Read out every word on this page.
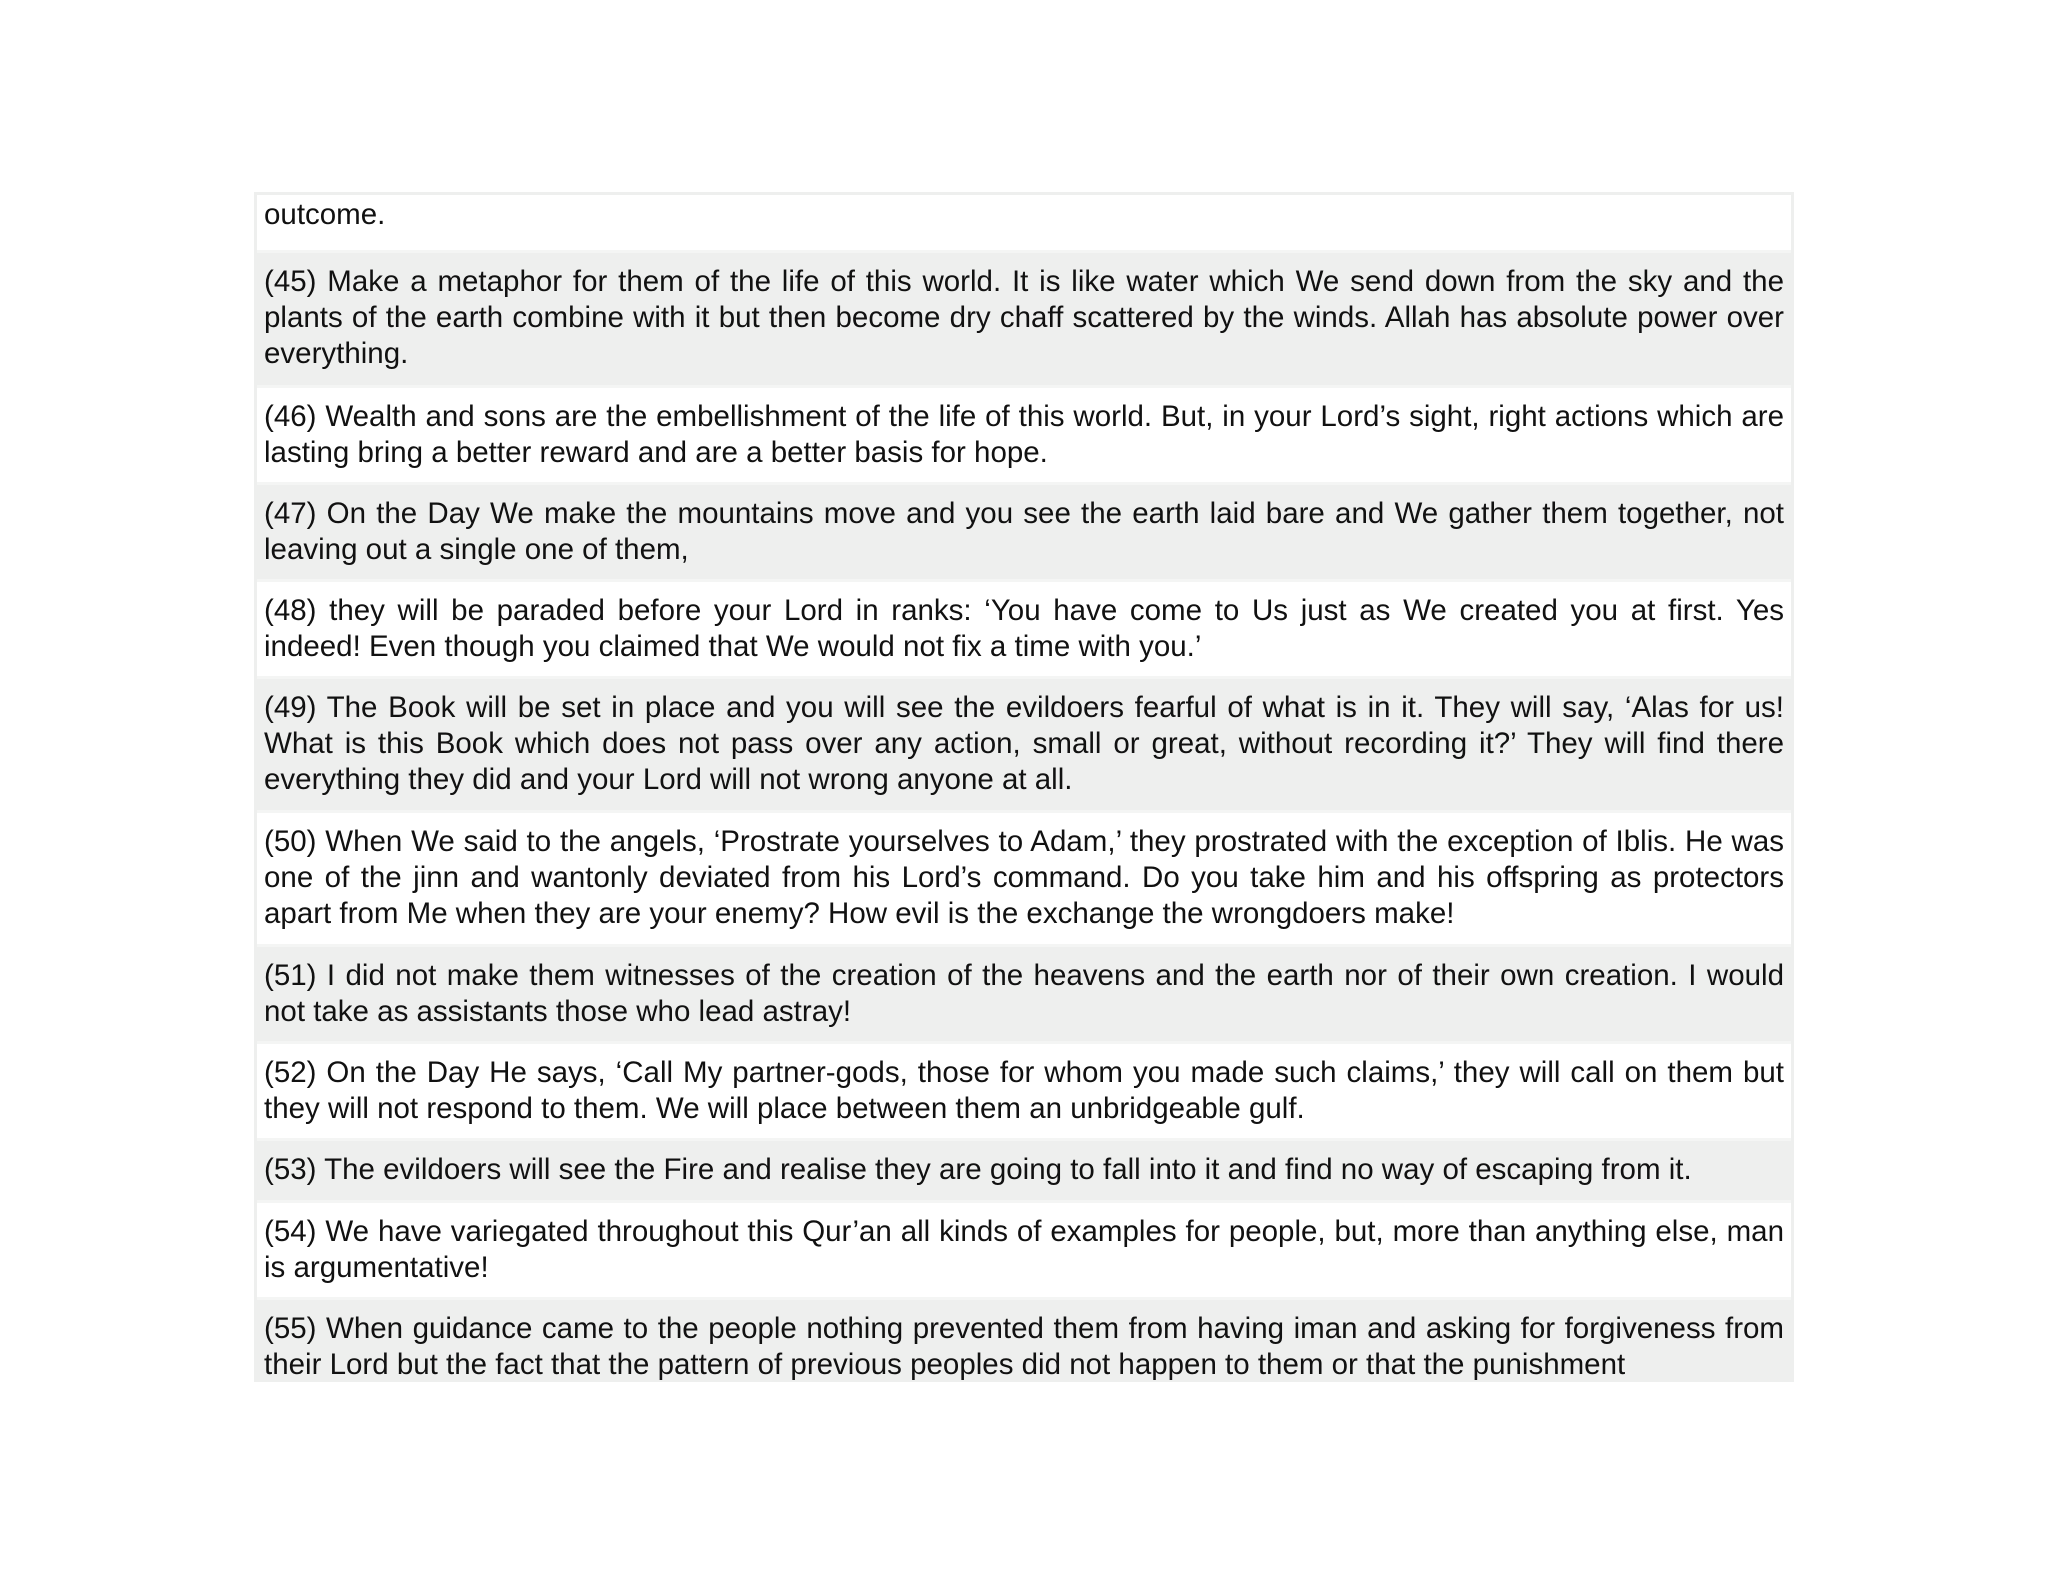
outcome.
(45) Make a metaphor for them of the life of this world. It is like water which We send down from the sky and the plants of the earth combine with it but then become dry chaff scattered by the winds. Allah has absolute power over everything.
(46) Wealth and sons are the embellishment of the life of this world. But, in your Lord’s sight, right actions which are lasting bring a better reward and are a better basis for hope.
(47) On the Day We make the mountains move and you see the earth laid bare and We gather them together, not leaving out a single one of them,
(48) they will be paraded before your Lord in ranks: ‘You have come to Us just as We created you at first. Yes indeed! Even though you claimed that We would not fix a time with you.’
(49) The Book will be set in place and you will see the evildoers fearful of what is in it. They will say, ‘Alas for us! What is this Book which does not pass over any action, small or great, without recording it?’ They will find there everything they did and your Lord will not wrong anyone at all.
(50) When We said to the angels, ‘Prostrate yourselves to Adam,’ they prostrated with the exception of Iblis. He was one of the jinn and wantonly deviated from his Lord’s command. Do you take him and his offspring as protectors apart from Me when they are your enemy? How evil is the exchange the wrongdoers make!
(51) I did not make them witnesses of the creation of the heavens and the earth nor of their own creation. I would not take as assistants those who lead astray!
(52) On the Day He says, ‘Call My partner-gods, those for whom you made such claims,’ they will call on them but they will not respond to them. We will place between them an unbridgeable gulf.
(53) The evildoers will see the Fire and realise they are going to fall into it and find no way of escaping from it.
(54) We have variegated throughout this Qur’an all kinds of examples for people, but, more than anything else, man is argumentative!
(55) When guidance came to the people nothing prevented them from having iman and asking for forgiveness from their Lord but the fact that the pattern of previous peoples did not happen to them or that the punishment
